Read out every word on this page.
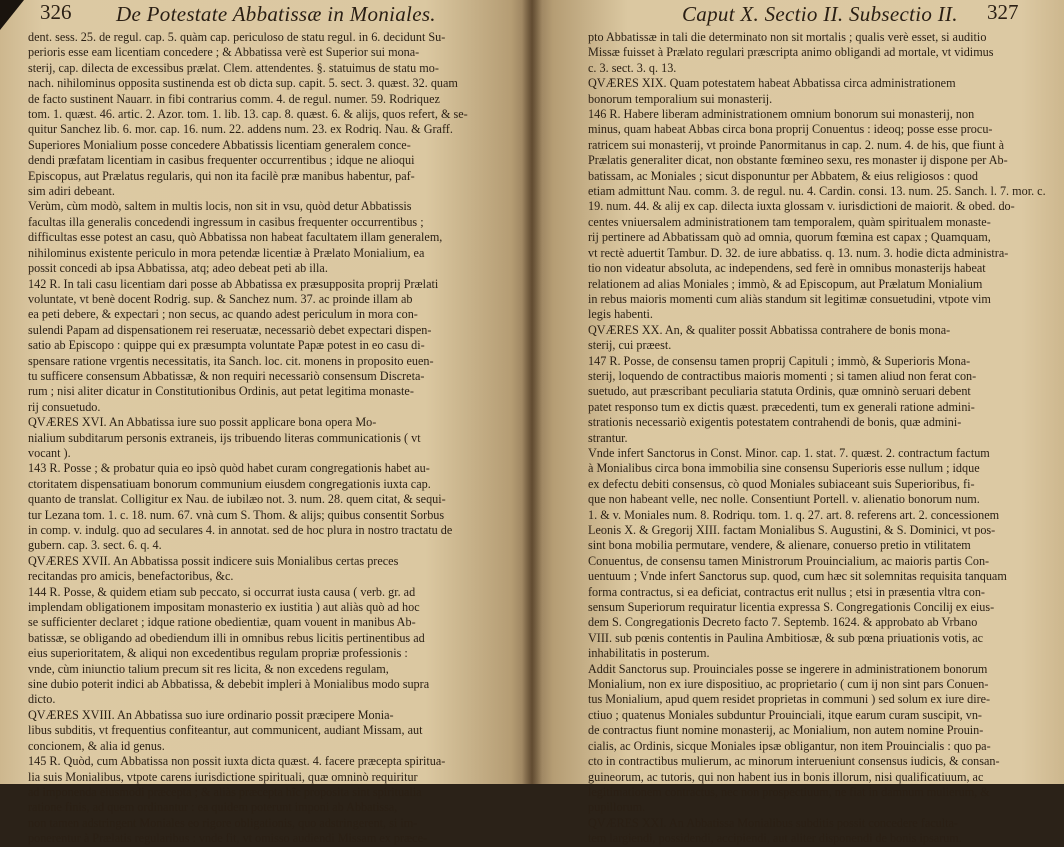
326 De Potestate Abbatissæ in Moniales.
dent. sess. 25. de regul. cap. 5. quàm cap. periculoso de statu regul. in 6. decidunt Su-
perioris esse eam licentiam concedere ; & Abbatissa verè est Superior sui mona-
sterij, cap. dilecta de excessibus prælat. Clem. attendentes. §. statuimus de statu mo-
nach. nihilominus opposita sustinenda est ob dicta sup. capit. 5. sect. 3. quæst. 32. quam
de facto sustinent Nauarr. in fibi contrarius comm. 4. de regul. numer. 59. Rodriquez
tom. 1. quæst. 46. artic. 2. Azor. tom. 1. lib. 13. cap. 8. quæst. 6. & alijs, quos refert, & se-
quitur Sanchez lib. 6. mor. cap. 16. num. 22. addens num. 23. ex Rodriq. Nau. & Graff.
Superiores Monialium posse concedere Abbatissis licentiam generalem conce-
dendi præfatam licentiam in casibus frequenter occurrentibus ; idque ne alioqui
Episcopus, aut Prælatus regularis, qui non ita facilè præ manibus habentur, paf-
sim adiri debeant.
Verùm, cùm modò, saltem in multis locis, non sit in vsu, quòd detur Abbatissis
facultas illa generalis concedendi ingressum in casibus frequenter occurrentibus ;
difficultas esse potest an casu, quò Abbatissa non habeat facultatem illam generalem,
nihilominus existente periculo in mora petendæ licentiæ à Prælato Monialium, ea
possit concedi ab ipsa Abbatissa, atq; adeo debeat peti ab illa.
142 R. In tali casu licentiam dari posse ab Abbatissa ex præsupposita proprij Prælati
voluntate, vt benè docent Rodrig. sup. & Sanchez num. 37. ac proinde illam ab
ea peti debere, & expectari ; non secus, ac quando adest periculum in mora con-
sulendi Papam ad dispensationem rei reseruatæ, necessariò debet expectari dispen-
satio ab Episcopo : quippe qui ex præsumpta voluntate Papæ potest in eo casu di-
spensare ratione vrgentis necessitatis, ita Sanch. loc. cit. monens in proposito euen-
tu sufficere consensum Abbatissæ, & non requiri necessariò consensum Discreta-
rum ; nisi aliter dicatur in Constitutionibus Ordinis, aut petat legitima monaste-
rij consuetudo.
QVÆRES XVI. An Abbatissa iure suo possit applicare bona opera Mo-
nialium subditarum personis extraneis, ijs tribuendo literas communicationis ( vt
vocant ).
143 R. Posse ; & probatur quia eo ipsò quòd habet curam congregationis habet au-
ctoritatem dispensatiuam bonorum communium eiusdem congregationis iuxta cap.
quanto de translat. Colligitur ex Nau. de iubilæo not. 3. num. 28. quem citat, & sequi-
tur Lezana tom. 1. c. 18. num. 67. vnà cum S. Thom. & alijs; quibus consentit Sorbus
in comp. v. indulg. quo ad seculares 4. in annotat. sed de hoc plura in nostro tractatu de
gubern. cap. 3. sect. 6. q. 4.
QVÆRES XVII. An Abbatissa possit indicere suis Monialibus certas preces
recitandas pro amicis, benefactoribus, &c.
144 R. Posse, & quidem etiam sub peccato, si occurrat iusta causa ( verb. gr. ad
implendam obligationem impositam monasterio ex iustitia ) aut aliàs quò ad hoc
se sufficienter declaret ; idque ratione obedientiæ, quam vouent in manibus Ab-
batissæ, se obligando ad obediendum illi in omnibus rebus licitis pertinentibus ad
eius superioritatem, & aliqui non excedentibus regulam propriæ professionis :
vnde, cùm iniunctio talium precum sit res licita, & non excedens regulam,
sine dubio poterit indici ab Abbatissa, & debebit impleri à Monialibus modo supra
dicto.
QVÆRES XVIII. An Abbatissa suo iure ordinario possit præcipere Monia-
libus subditis, vt frequentius confiteantur, aut communicent, audiant Missam, aut
concionem, & alia id genus.
145 R. Quòd, cum Abbatissa non possit iuxta dicta quæst. 4. facere præcepta spiritua-
lia suis Monialibus, vtpote carens iurisdictione spirituali, quæ omninò requiritur
ad imponenda eiusmodi præcepta ; & aliàs præcepta hîc proposita sint spiritualia
ratione finis, ad quem ordinantur : ea quidem poterunt imponi ab Abbatissa,
non tamen adstringent Moniales eo rigore obligationis, quo adstringerent, si im-
ponerentur à Prælatis regularibus : vnde fit, vt omisso audiendi Missam ex præce-
Caput X. Sectio II. Subsectio II. 327
pto Abbatissæ in tali die determinato non sit mortalis ; qualis verè esset, si auditio
Missæ fuisset à Prælato regulari præscripta animo obligandi ad mortale, vt vidimus
c. 3. sect. 3. q. 13.
QVÆRES XIX. Quam potestatem habeat Abbatissa circa administrationem
bonorum temporalium sui monasterij.
146 R. Habere liberam administrationem omnium bonorum sui monasterij, non
minus, quam habeat Abbas circa bona proprij Conuentus : ideoq; posse esse procu-
ratricem sui monasterij, vt proinde Panormitanus in cap. 2. num. 4. de his, que fiunt à
Prælatis generaliter dicat, non obstante fœmineo sexu, res monaster ij dispone per Ab-
batissam, ac Moniales ; sicut disponuntur per Abbatem, & eius religiosos : quod
etiam admittunt Nau. comm. 3. de regul. nu. 4. Cardin. consi. 13. num. 25. Sanch. l. 7. mor. c.
19. num. 44. & alij ex cap. dilecta iuxta glossam v. iurisdictioni de maiorit. & obed. do-
centes vniuersalem administrationem tam temporalem, quàm spiritualem monaste-
rij pertinere ad Abbatissam quò ad omnia, quorum fœmina est capax ; Quamquam,
vt rectè aduertit Tambur. D. 32. de iure abbatiss. q. 13. num. 3. hodie dicta administra-
tio non videatur absoluta, ac independens, sed ferè in omnibus monasterijs habeat
relationem ad alias Moniales ; immò, & ad Episcopum, aut Prælatum Monialium
in rebus maioris momenti cum aliàs standum sit legitimæ consuetudini, vtpote vim
legis habenti.
QVÆRES XX. An, & qualiter possit Abbatissa contrahere de bonis mona-
sterij, cui præest.
147 R. Posse, de consensu tamen proprij Capituli ; immò, & Superioris Mona-
sterij, loquendo de contractibus maioris momenti ; si tamen aliud non ferat con-
suetudo, aut præscribant peculiaria statuta Ordinis, quæ omninò seruari debent
patet responso tum ex dictis quæst. præcedenti, tum ex generali ratione admini-
strationis necessariò exigentis potestatem contrahendi de bonis, quæ admini-
strantur.
Vnde infert Sanctorus in Const. Minor. cap. 1. stat. 7. quæst. 2. contractum factum
à Monialibus circa bona immobilia sine consensu Superioris esse nullum ; idque
ex defectu debiti consensus, cò quod Moniales subiaceant suis Superioribus, fi-
que non habeant velle, nec nolle. Consentiunt Portell. v. alienatio bonorum num.
1. & v. Moniales num. 8. Rodriqu. tom. 1. q. 27. art. 8. referens art. 2. concessionem
Leonis X. & Gregorij XIII. factam Monialibus S. Augustini, & S. Dominici, vt pos-
sint bona mobilia permutare, vendere, & alienare, conuerso pretio in vtilitatem
Conuentus, de consensu tamen Ministrorum Prouincialium, ac maioris partis Con-
uentuum ; Vnde infert Sanctorus sup. quod, cum hæc sit solemnitas requisita tanquam
forma contractus, si ea deficiat, contractus erit nullus ; etsi in præsentia vltra con-
sensum Superiorum requiratur licentia expressa S. Congregationis Concilij ex eius-
dem S. Congregationis Decreto facto 7. Septemb. 1624. & approbato ab Vrbano
VIII. sub pœnis contentis in Paulina Ambitiosæ, & sub pœna priuationis votis, ac
inhabilitatis in posterum.
Addit Sanctorus sup. Prouinciales posse se ingerere in administrationem bonorum
Monialium, non ex iure dispositiuo, ac proprietario ( cum ij non sint pars Conuen-
tus Monialium, apud quem residet proprietas in communi ) sed solum ex iure dire-
ctiuo ; quatenus Moniales subduntur Prouinciali, itque earum curam suscipit, vn-
de contractus fiunt nomine monasterij, ac Monialium, non autem nomine Prouin-
cialis, ac Ordinis, sicque Moniales ipsæ obligantur, non item Prouincialis : quo pa-
cto in contractibus mulierum, ac minorum interueniunt consensus iudicis, & consan-
guineorum, ac tutoris, qui non habent ius in bonis illorum, nisi qualificatiuum, ac
legitimationem contractus, nec non prospectiuum, ne fiat in damnum mulierum, &
pupillorum.
QVÆRES XXI. An Abbatissa Monialibus subditis possit concedere faculta-
tem largiendi, possidendi, accipiendi, aut aliter disponendi de bonis ipsarum.
